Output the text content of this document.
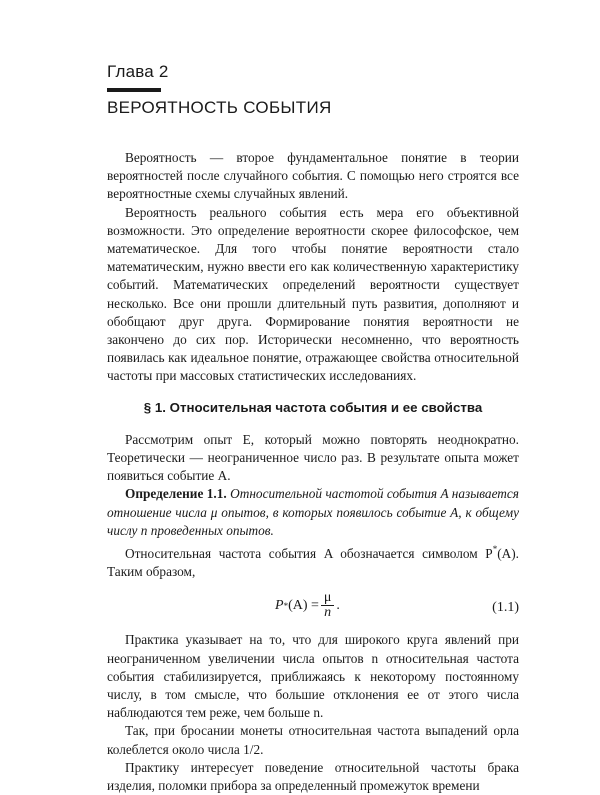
Глава 2
ВЕРОЯТНОСТЬ СОБЫТИЯ
Вероятность — второе фундаментальное понятие в теории вероятностей после случайного события. С помощью него строятся все вероятностные схемы случайных явлений.
Вероятность реального события есть мера его объективной возможности. Это определение вероятности скорее философское, чем математическое. Для того чтобы понятие вероятности стало математическим, нужно ввести его как количественную характеристику событий. Математических определений вероятности существует несколько. Все они прошли длительный путь развития, дополняют и обобщают друг друга. Формирование понятия вероятности не закончено до сих пор. Исторически несомненно, что вероятность появилась как идеальное понятие, отражающее свойства относительной частоты при массовых статистических исследованиях.
§ 1. Относительная частота события и ее свойства
Рассмотрим опыт E, который можно повторять неоднократно. Теоретически — неограниченное число раз. В результате опыта может появиться событие A.
Определение 1.1. Относительной частотой события A называется отношение числа μ опытов, в которых появилось событие A, к общему числу n проведенных опытов.
Относительная частота события A обозначается символом P*(A). Таким образом,
$P * (A) = \frac{\mu}{n}$ .	(1.1)
Практика указывает на то, что для широкого круга явлений при неограниченном увеличении числа опытов n относительная частота события стабилизируется, приближаясь к некоторому постоянному числу, в том смысле, что большие отклонения ее от этого числа наблюдаются тем реже, чем больше n.
Так, при бросании монеты относительная частота выпадений орла колеблется около числа 1/2.
Практику интересует поведение относительной частоты брака изделия, поломки прибора за определенный промежуток времени
